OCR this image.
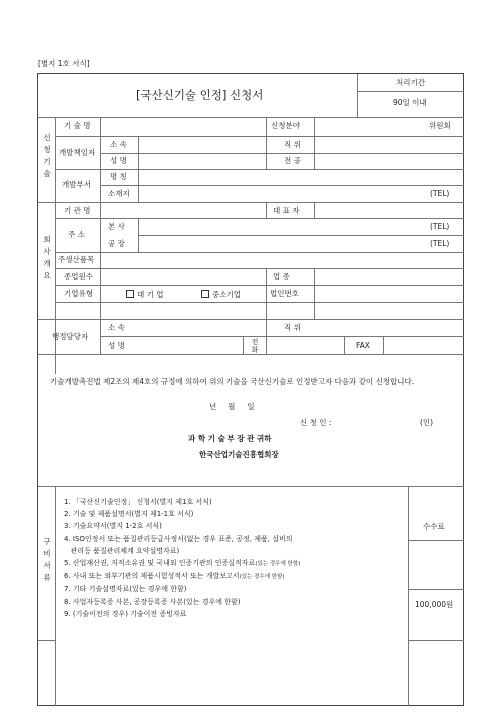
[별지 1호 서식]
[국산신기술 인정] 신청서
처리기간
90일 이내
신청기술
기 술 명	신청분야	위원회
개발책임자
소 속	직 위
성 명	전 공
개발부서
명 칭
소재지	(TEL)
회사개요
기 관 명	대 표 자
주 소
본 사	(TEL)
공 장	(TEL)
주생산품목
종업원수	업 종
기업유형	대 기 업	중소기업	법인번호
행정담당자
소 속	직 위
성 명	전화	FAX
기술개발촉진법 제2조의 제4호의 규정에 의하여 위의 기술을 국산신기술로 인정받고자 다음과 같이 신청합니다.
년     월     일
신 청 인 :	(인)
과 학 기 술 부 장 관 귀하
한국산업기술진흥협회장
구비서류
수수료
100,000원
1. 「국산신기술인정」 신청서(별지 제1호 서식)
2. 기술 및 제품설명서(별지 제1-1호 서식)
3. 기술요약서(별지 1-2호 서식)
4. ISO인정서 또는 품질관리등급사정서(없는 경우 표준, 공정, 제품, 설비의
관리등 품질관리체계 요약설명자료)
5. 산업재산권, 지적소유권 및 국내외 인증기관의 인증실적자료(있는 경우에 한함)
6. 사내 또는 외부기관의 제품시험성적서 또는 개발보고서(있는 경우에 한함)
7. 기타 기술설명자료(있는 경우에 한함)
8. 사업자등록증 사본, 공장등록증 사본(있는 경우에 한함)
9. (기술이전의 경우) 기술이전 증빙자료
